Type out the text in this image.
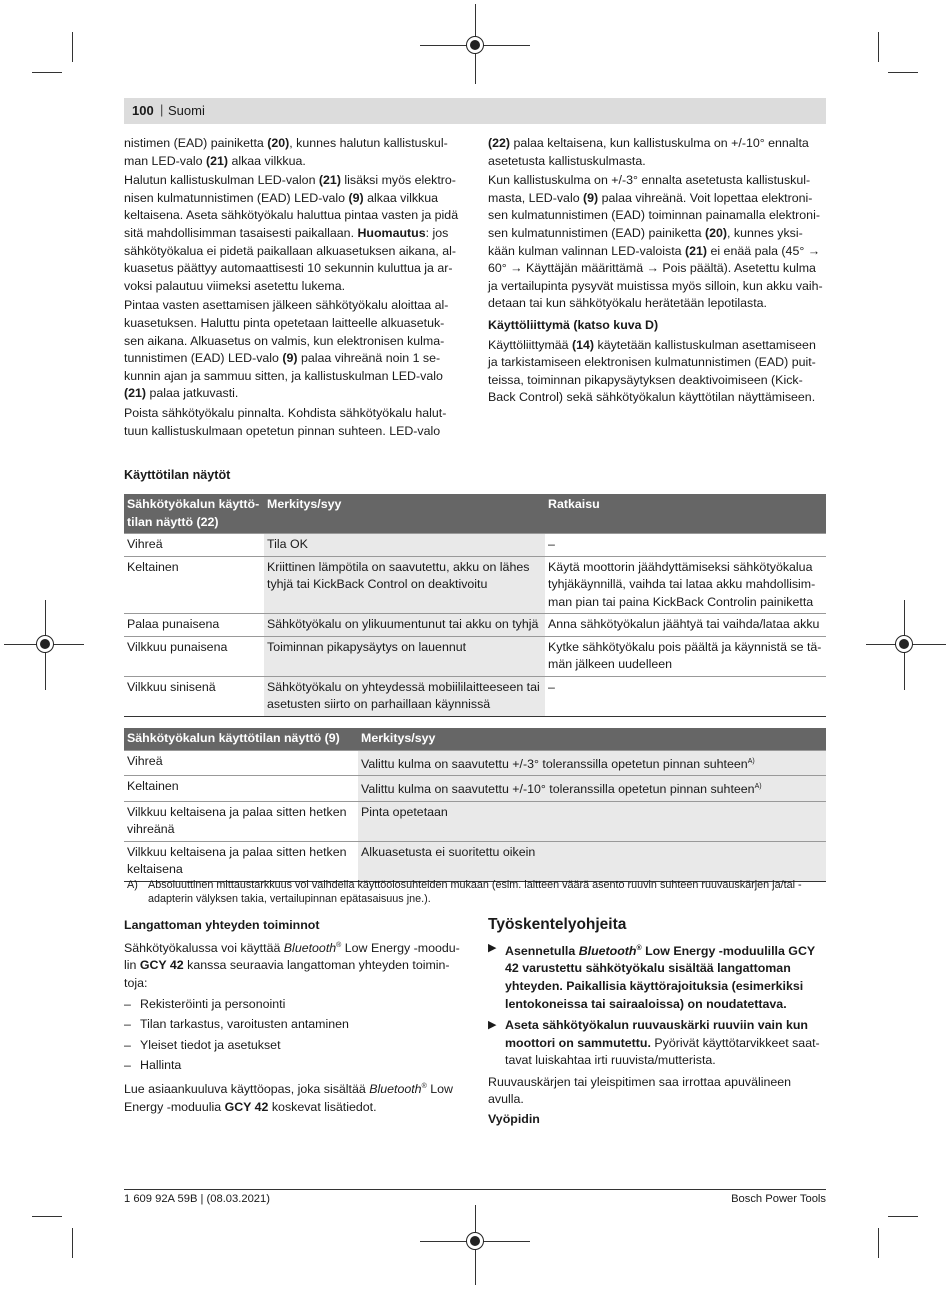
100 | Suomi

nistimen (EAD) painiketta (20), kunnes halutun kallistuskul-man LED-valo (21) alkaa vilkkua.

Halutun kallistuskulman LED-valon (21) lisäksi myös elektro-nisen kulmatunnistimen (EAD) LED-valo (9) alkaa vilkkua keltaisena. Aseta sähkötyökalu haluttua pintaa vasten ja pidä sitä mahdollisimman tasaisesti paikallaan. Huomautus: jos sähkötyökalua ei pidetä paikallaan alkuasetuksen aikana, al-kuasetus päättyy automaattisesti 10 sekunnin kuluttua ja ar-voksi palautuu viimeksi asetettu lukema.

Pintaa vasten asettamisen jälkeen sähkötyökalu aloittaa al-kuasetuksen. Haluttu pinta opetetaan laitteelle alkuasetuk-sen aikana. Alkuasetus on valmis, kun elektronisen kulma-tunnistimen (EAD) LED-valo (9) palaa vihreänä noin 1 se-kunnin ajan ja sammuu sitten, ja kallistuskulman LED-valo (21) palaa jatkuvasti.

Poista sähkötyökalu pinnalta. Kohdista sähkötyökalu halut-tuun kallistuskulmaan opetetun pinnan suhteen. LED-valo

(22) palaa keltaisena, kun kallistuskulma on +/-10° ennalta asetetusta kallistuskulmasta.

Kun kallistuskulma on +/-3° ennalta asetetusta kallistuskul-masta, LED-valo (9) palaa vihreänä. Voit lopettaa elektroni-sen kulmatunnistimen (EAD) toiminnan painamalla elektroni-sen kulmatunnistimen (EAD) painiketta (20), kunnes yksi-kään kulman valinnan LED-valoista (21) ei enää pala (45° → 60° → Käyttäjän määrittämä → Pois päältä). Asetettu kulma ja vertailupinta pysyvät muistissa myös silloin, kun akku vaih-detaan tai kun sähkötyökalu herätetään lepotilasta.

Käyttöliittymä (katso kuva D)

Käyttöliittymää (14) käytetään kallistuskulman asettamiseen ja tarkistamiseen elektronisen kulmatunnistimen (EAD) puit-teissa, toiminnan pikapysäytyksen deaktivoimiseen (Kick-Back Control) sekä sähkötyökalun käyttötilan näyttämiseen.

Käyttötilan näytöt
Sähkötyökalun käyttö-tilan näyttö (22)	Merkitys/syy	Ratkaisu
Vihreä	Tila OK	–
Keltainen	Kriittinen lämpötila on saavutettu, akku on lähes tyhjä tai KickBack Control on deaktivoitu	Käytä moottorin jäähdyttämiseksi sähkötyökalua tyhjäkäynnillä, vaihda tai lataa akku mahdollisim-man pian tai paina KickBack Controlin painiketta
Palaa punaisena	Sähkötyökalu on ylikuumentunut tai akku on tyhjä	Anna sähkötyökalun jäähtyä tai vaihda/lataa akku
Vilkkuu punaisena	Toiminnan pikapysäytys on lauennut	Kytke sähkötyökalu pois päältä ja käynnistä se tä-män jälkeen uudelleen
Vilkkuu sinisenä	Sähkötyökalu on yhteydessä mobiililaitteeseen tai asetusten siirto on parhaillaan käynnissä	–
Sähkötyökalun käyttötilan näyttö (9)	Merkitys/syy
Vihreä	Valittu kulma on saavutettu +/-3° toleranssilla opetetun pinnan suhteen$^{A)}$
Keltainen	Valittu kulma on saavutettu +/-10° toleranssilla opetetun pinnan suhteen$^{A)}$
Vilkkuu keltaisena ja palaa sitten hetken vihreänä	Pinta opetetaan
Vilkkuu keltaisena ja palaa sitten hetken keltaisena	Alkuasetusta ei suoritettu oikein
A) Absoluuttinen mittaustarkkuus voi vaihdella käyttöolosuhteiden mukaan (esim. laitteen väärä asento ruuvin suhteen ruuvauskärjen ja/tai -adapterin välyksen takia, vertailupinnan epätasaisuus jne.).

Langattoman yhteyden toiminnot

Sähkötyökalussa voi käyttää Bluetooth® Low Energy -moodu-lin GCY 42 kanssa seuraavia langattoman yhteyden toimin-toja:

– Rekisteröinti ja personointi
– Tilan tarkastus, varoitusten antaminen
– Yleiset tiedot ja asetukset
– Hallinta

Lue asiaankuuluva käyttöopas, joka sisältää Bluetooth® Low Energy -moduulia GCY 42 koskevat lisätiedot.

Työskentelyohjeita
▶ Asennetulla Bluetooth® Low Energy -moduulilla GCY 42 varustettu sähkötyökalu sisältää langattoman yhteyden. Paikallisia käyttörajoituksia (esimerkiksi lentokoneissa tai sairaaloissa) on noudatettava.
▶ Aseta sähkötyökalun ruuvauskärki ruuviin vain kun moottori on sammutettu. Pyörivät käyttötarvikkeet saat-tavat luiskahtaa irti ruuvista/mutterista.

Ruuvauskärjen tai yleispitimen saa irrottaa apuvälineen avulla.

Vyöpidin

1 609 92A 59B | (08.03.2021)	Bosch Power Tools
